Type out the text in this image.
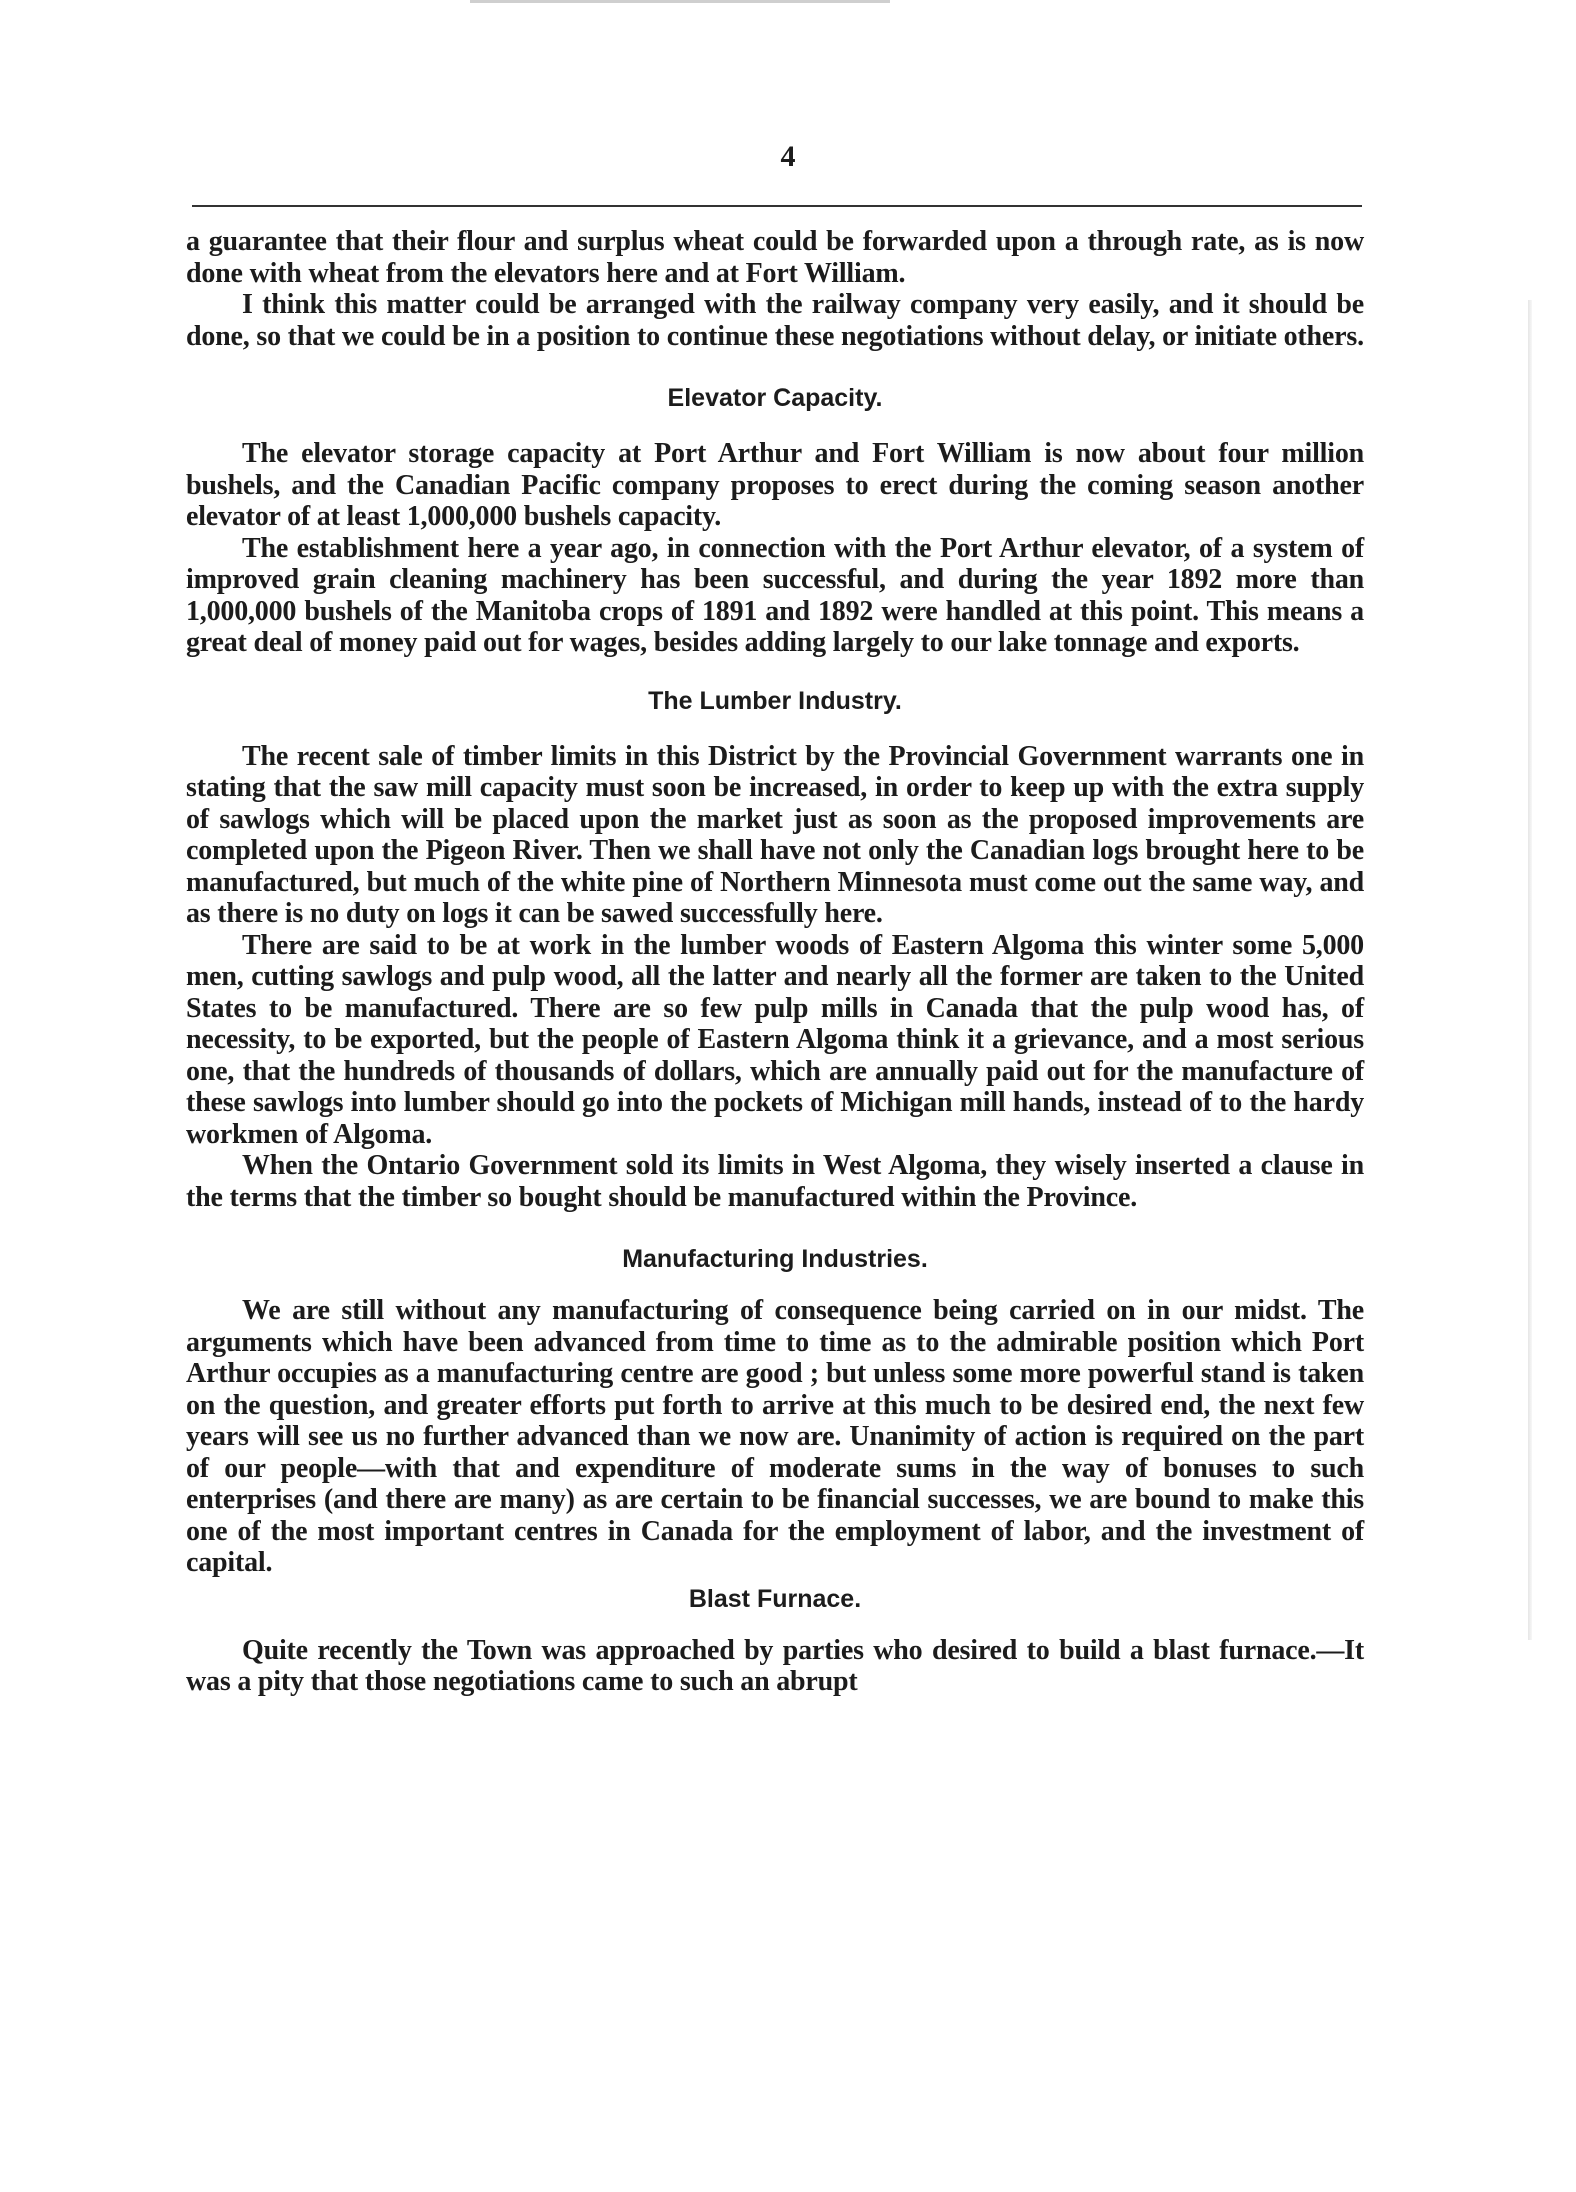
4

a guarantee that their flour and surplus wheat could be forwarded upon a through rate, as is now done with wheat from the elevators here and at Fort William.

I think this matter could be arranged with the railway company very easily, and it should be done, so that we could be in a position to continue these negotiations without delay, or initiate others.

Elevator Capacity.

The elevator storage capacity at Port Arthur and Fort William is now about four million bushels, and the Canadian Pacific company proposes to erect during the coming season another elevator of at least 1,000,000 bushels capacity.

The establishment here a year ago, in connection with the Port Arthur elevator, of a system of improved grain cleaning machinery has been successful, and during the year 1892 more than 1,000,000 bushels of the Manitoba crops of 1891 and 1892 were handled at this point. This means a great deal of money paid out for wages, besides adding largely to our lake tonnage and exports.

The Lumber Industry.

The recent sale of timber limits in this District by the Provincial Government warrants one in stating that the saw mill capacity must soon be increased, in order to keep up with the extra supply of sawlogs which will be placed upon the market just as soon as the proposed improvements are completed upon the Pigeon River. Then we shall have not only the Canadian logs brought here to be manufactured, but much of the white pine of Northern Minnesota must come out the same way, and as there is no duty on logs it can be sawed successfully here.

There are said to be at work in the lumber woods of Eastern Algoma this winter some 5,000 men, cutting sawlogs and pulp wood, all the latter and nearly all the former are taken to the United States to be manufactured. There are so few pulp mills in Canada that the pulp wood has, of necessity, to be exported, but the people of Eastern Algoma think it a grievance, and a most serious one, that the hundreds of thousands of dollars, which are annually paid out for the manufacture of these sawlogs into lumber should go into the pockets of Michigan mill hands, instead of to the hardy workmen of Algoma.

When the Ontario Government sold its limits in West Algoma, they wisely inserted a clause in the terms that the timber so bought should be manufactured within the Province.

Manufacturing Industries.

We are still without any manufacturing of consequence being carried on in our midst. The arguments which have been advanced from time to time as to the admirable position which Port Arthur occupies as a manufacturing centre are good ; but unless some more powerful stand is taken on the question, and greater efforts put forth to arrive at this much to be desired end, the next few years will see us no further advanced than we now are. Unanimity of action is required on the part of our people—with that and expenditure of moderate sums in the way of bonuses to such enterprises (and there are many) as are certain to be financial successes, we are bound to make this one of the most important centres in Canada for the employment of labor, and the investment of capital.

Blast Furnace.

Quite recently the Town was approached by parties who desired to build a blast furnace.—It was a pity that those negotiations came to such an abrupt
